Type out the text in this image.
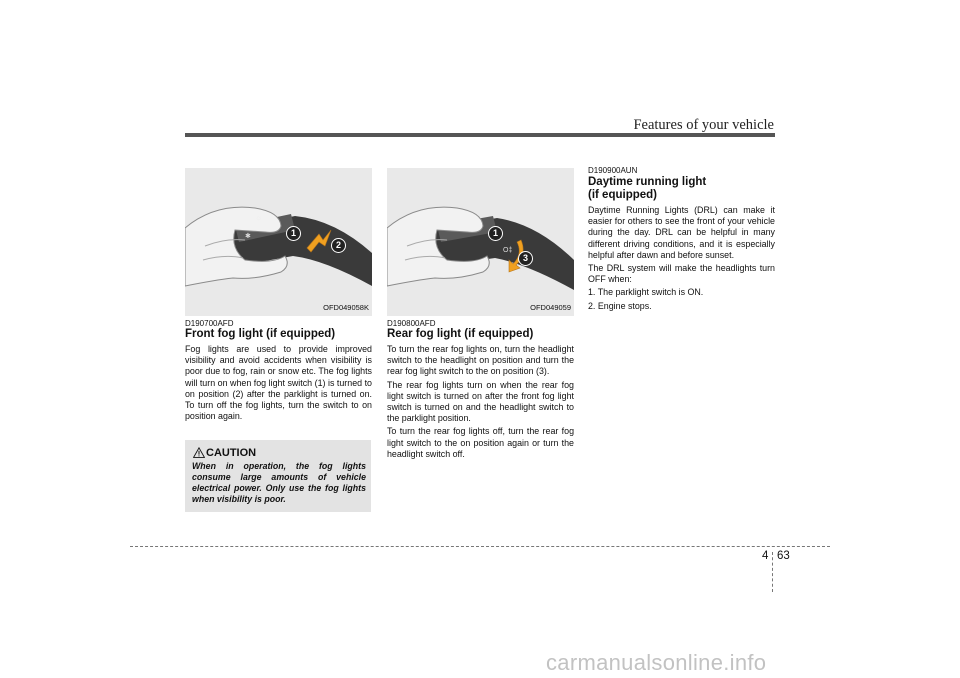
Features of your vehicle
✱
☼
1
2
OFD049058K
D190700AFD
Front fog light (if equipped)

Fog lights are used to provide improved visibility and avoid accidents when visibility is poor due to fog, rain or snow etc. The fog lights will turn on when fog light switch (1) is turned to on position (2) after the parklight is turned on. To turn off the fog lights, turn the switch to on position again.

CAUTION
When in operation, the fog lights consume large amounts of vehicle electrical power. Only use the fog lights when visibility is poor.
O‡
1
3
OFD049059
D190800AFD
Rear fog light (if equipped)

To turn the rear fog lights on, turn the headlight switch to the headlight on position and turn the rear fog light switch to the on position (3).

The rear fog lights turn on when the rear fog light switch is turned on after the front fog light switch is turned on and the headlight switch to the parklight position.

To turn the rear fog lights off, turn the rear fog light switch to the on position again or turn the headlight switch off.

D190900AUN
Daytime running light
(if equipped)

Daytime Running Lights (DRL) can make it easier for others to see the front of your vehicle during the day. DRL can be helpful in many different driving conditions, and it is especially helpful after dawn and before sunset.

The DRL system will make the headlights turn OFF when:

1. The parklight switch is ON.

2. Engine stops.

4 63
carmanualsonline.info
